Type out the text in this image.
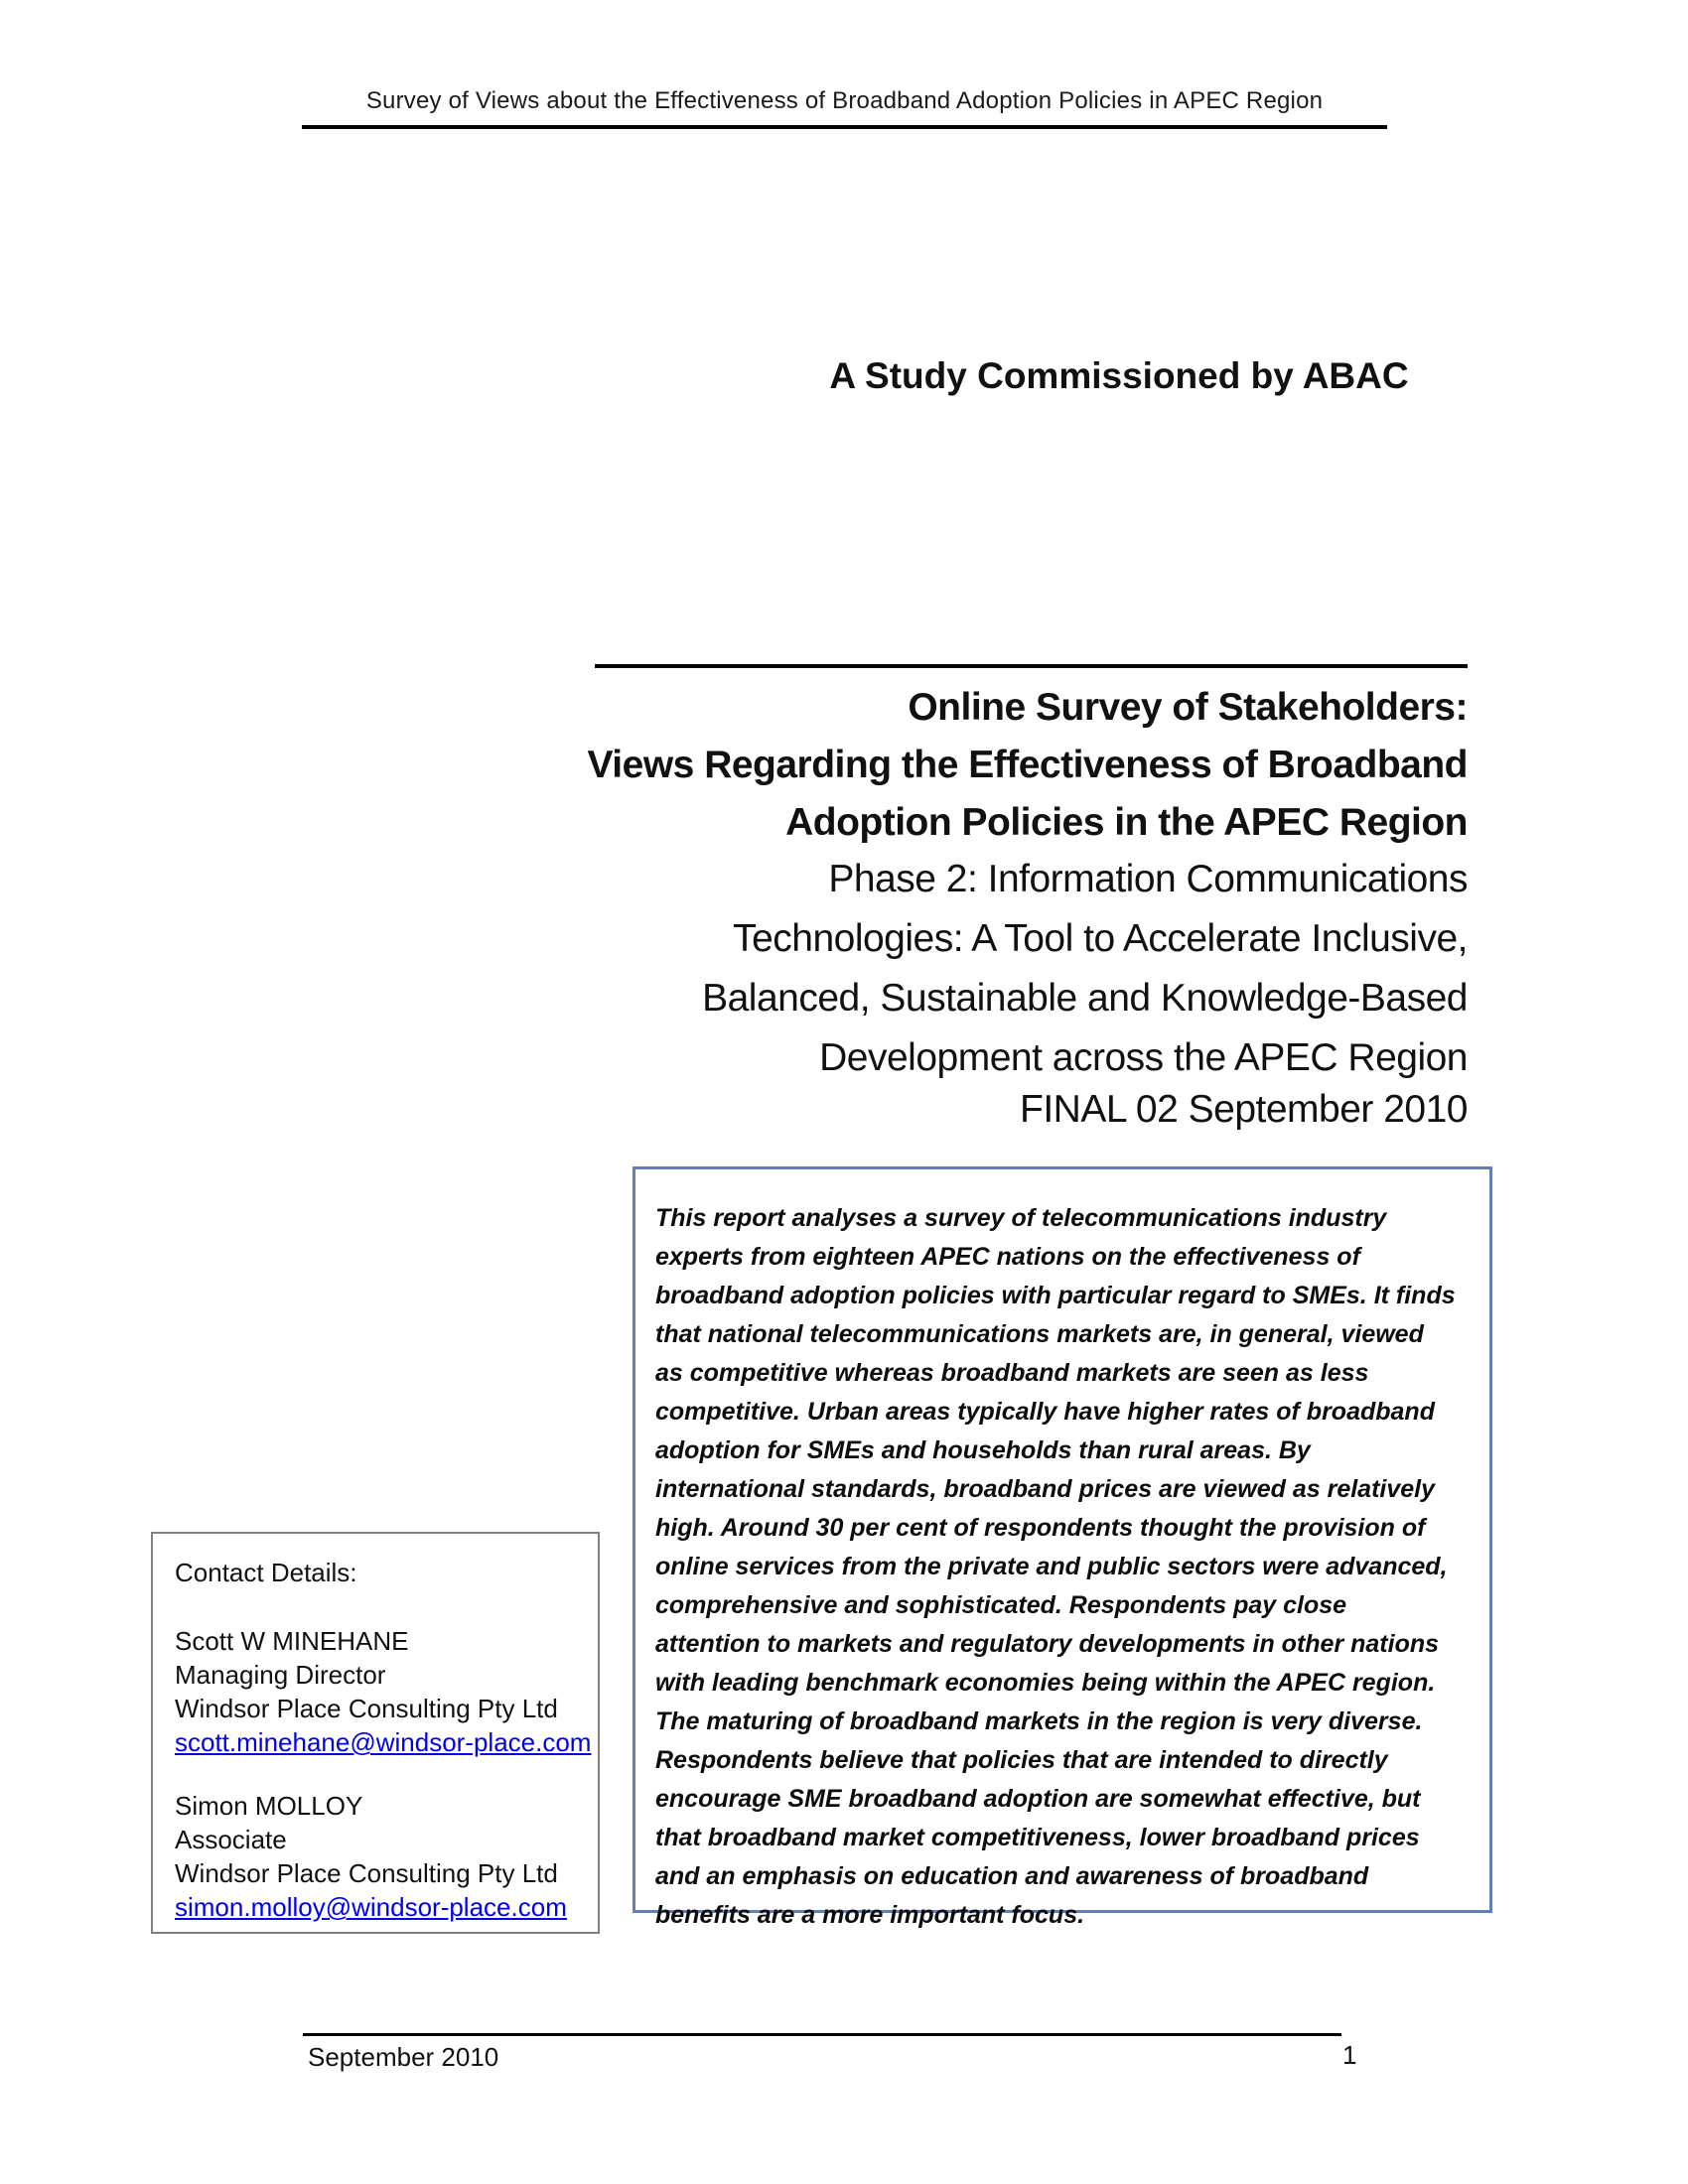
Survey of Views about the Effectiveness of Broadband Adoption Policies in APEC Region
A Study Commissioned by ABAC
Online Survey of Stakeholders:
Views Regarding the Effectiveness of Broadband
Adoption Policies in the APEC Region
Phase 2: Information Communications
Technologies: A Tool to Accelerate Inclusive,
Balanced, Sustainable and Knowledge-Based
Development across the APEC Region
FINAL 02 September 2010

This report analyses a survey of telecommunications industry experts from eighteen APEC nations on the effectiveness of broadband adoption policies with particular regard to SMEs. It finds that national telecommunications markets are, in general, viewed as competitive whereas broadband markets are seen as less competitive. Urban areas typically have higher rates of broadband adoption for SMEs and households than rural areas. By international standards, broadband prices are viewed as relatively high. Around 30 per cent of respondents thought the provision of online services from the private and public sectors were advanced, comprehensive and sophisticated. Respondents pay close attention to markets and regulatory developments in other nations with leading benchmark economies being within the APEC region. The maturing of broadband markets in the region is very diverse. Respondents believe that policies that are intended to directly encourage SME broadband adoption are somewhat effective, but that broadband market competitiveness, lower broadband prices and an emphasis on education and awareness of broadband benefits are a more important focus.

Contact Details:
Scott W MINEHANE
Managing Director
Windsor Place Consulting Pty Ltd
scott.minehane@windsor-place.com
Simon MOLLOY
Associate
Windsor Place Consulting Pty Ltd
simon.molloy@windsor-place.com
September 2010	1
